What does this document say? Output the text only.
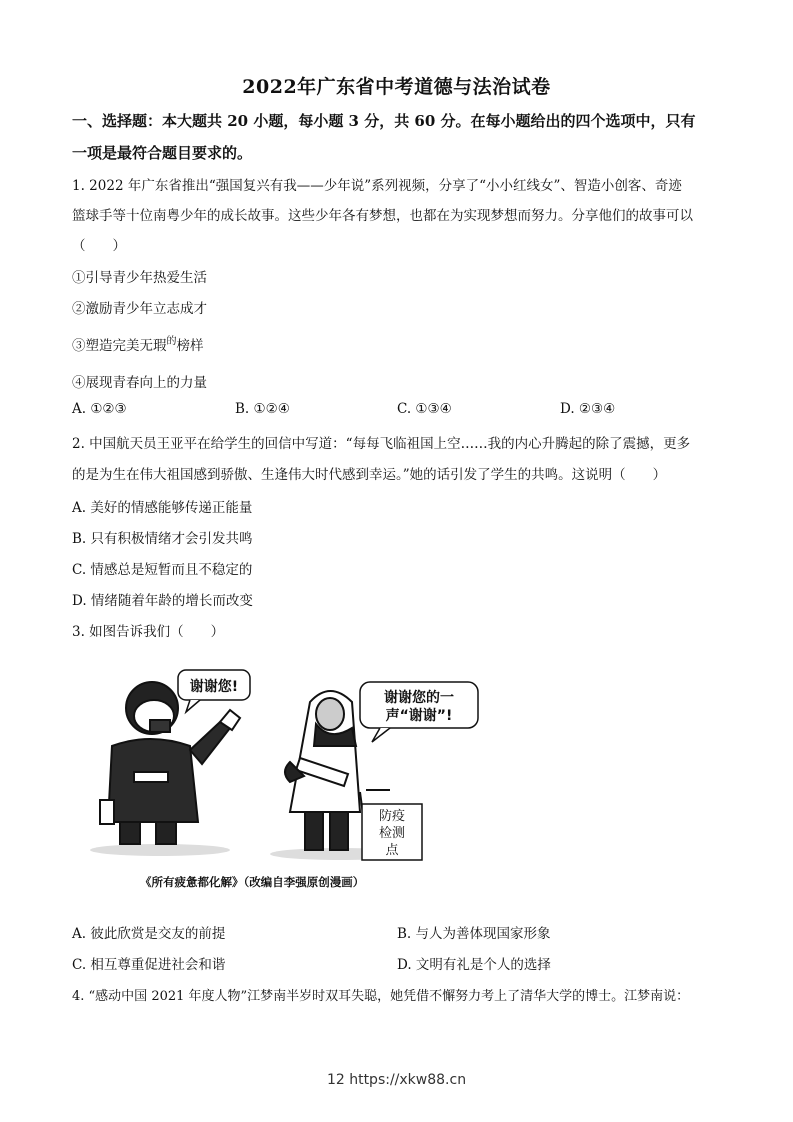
2022年广东省中考道德与法治试卷
一、选择题：本大题共 20 小题，每小题 3 分，共 60 分。在每小题给出的四个选项中，只有
一项是最符合题目要求的。
1. 2022 年广东省推出“强国复兴有我——少年说”系列视频，分享了“小小红线女”、智造小创客、奇迹
篮球手等十位南粤少年的成长故事。这些少年各有梦想，也都在为实现梦想而努力。分享他们的故事可以
（　　）
①引导青少年热爱生活
②激励青少年立志成才
③塑造完美无瑕$^的$榜样
④展现青春向上的力量
A. ①②③	B. ①②④	C. ①③④	D. ②③④
2. 中国航天员王亚平在给学生的回信中写道：“每每飞临祖国上空……我的内心升腾起的除了震撼，更多
的是为生在伟大祖国感到骄傲、生逢伟大时代感到幸运。”她的话引发了学生的共鸣。这说明（　　）
A. 美好的情感能够传递正能量
B. 只有积极情绪才会引发共鸣
C. 情感总是短暂而且不稳定的
D. 情绪随着年龄的增长而改变
3. 如图告诉我们（　　）
谢谢您!
谢谢您的一
声“谢谢”!
防疫
检测
点
《所有疲惫都化解》（改编自李强原创漫画）
A. 彼此欣赏是交友的前提	B. 与人为善体现国家形象
C. 相互尊重促进社会和谐	D. 文明有礼是个人的选择
4. “感动中国 2021 年度人物”江梦南半岁时双耳失聪，她凭借不懈努力考上了清华大学的博士。江梦南说：
12 https://xkw88.cn
